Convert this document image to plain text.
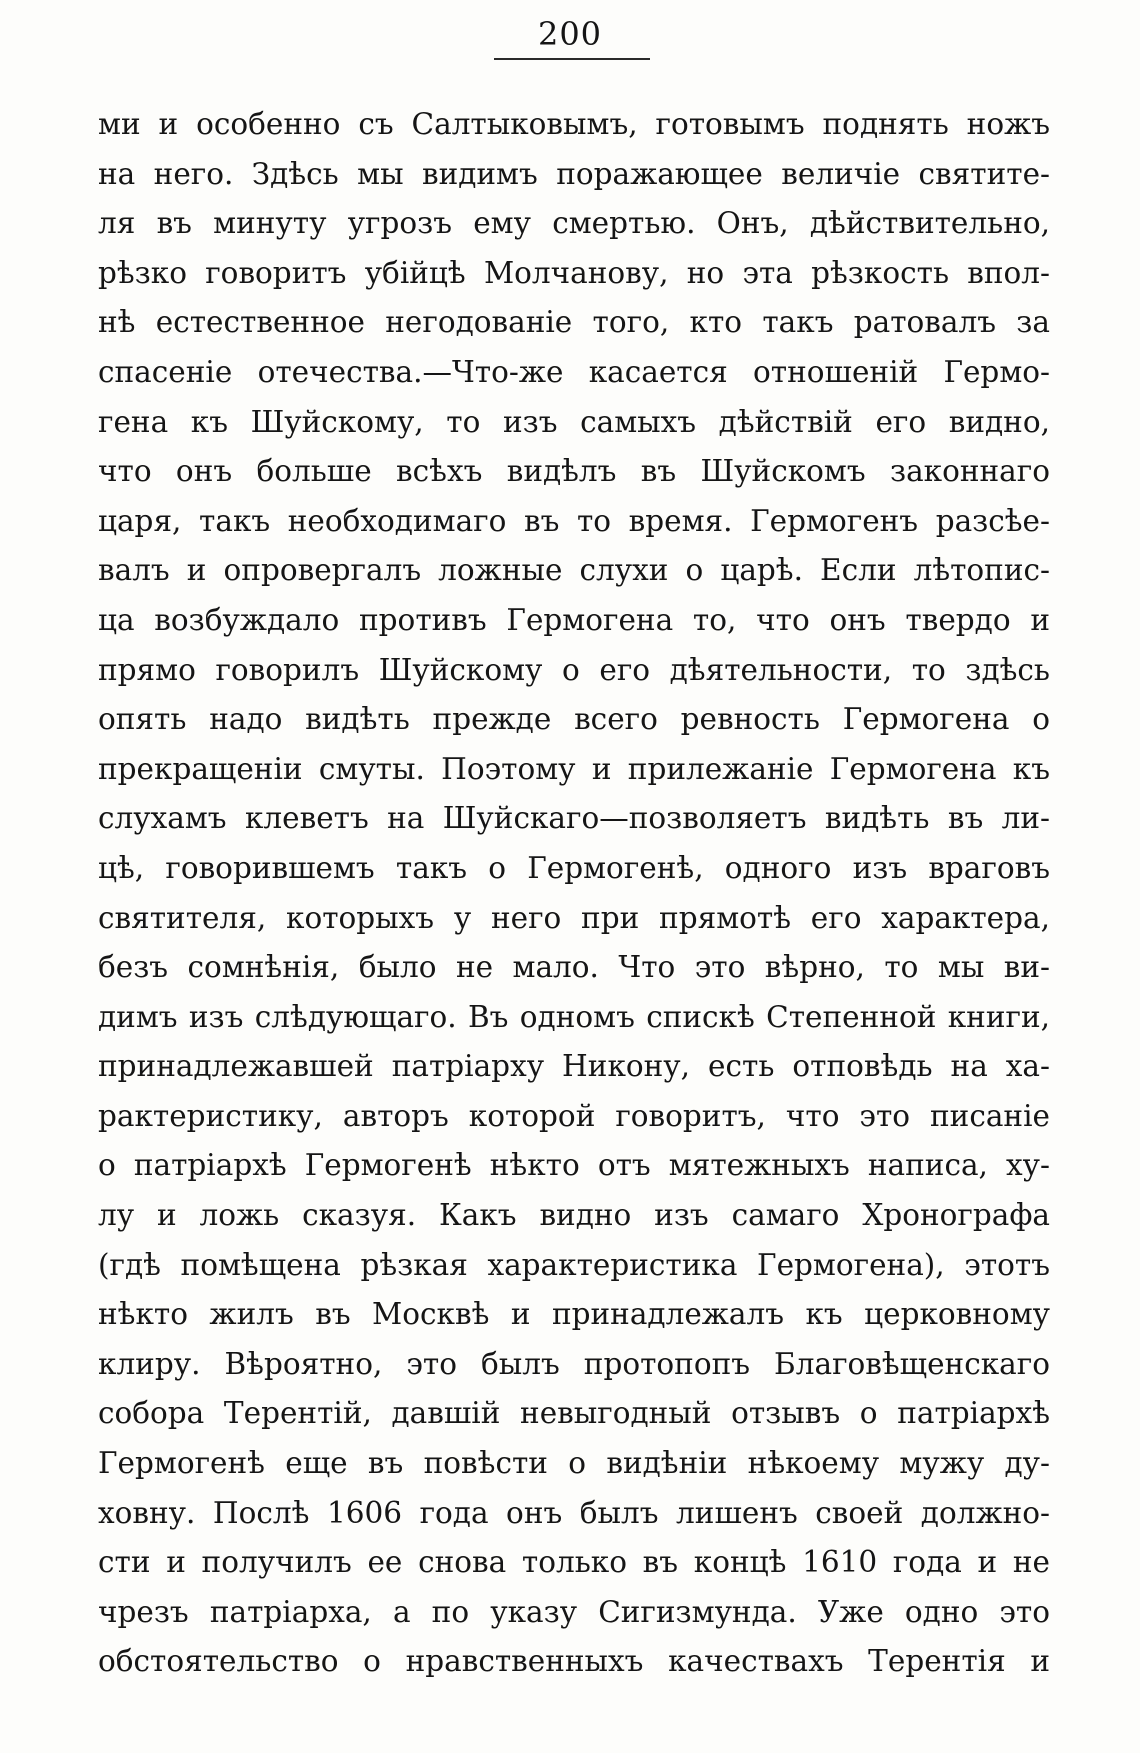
200
ми и особенно съ Салтыковымъ, готовымъ поднять ножъ
на него. Здѣсь мы видимъ поражающее величіе святите-
ля въ минуту угрозъ ему смертью. Онъ, дѣйствительно,
рѣзко говоритъ убійцѣ Молчанову, но эта рѣзкость впол-
нѣ естественное негодованіе того, кто такъ ратовалъ за
спасеніе отечества.—Что-же касается отношеній Гермо-
гена къ Шуйскому, то изъ самыхъ дѣйствій его видно,
что онъ больше всѣхъ видѣлъ въ Шуйскомъ законнаго
царя, такъ необходимаго въ то время. Гермогенъ разсѣе-
валъ и опровергалъ ложные слухи о царѣ. Если лѣтопис-
ца возбуждало противъ Гермогена то, что онъ твердо и
прямо говорилъ Шуйскому о его дѣятельности, то здѣсь
опять надо видѣть прежде всего ревность Гермогена о
прекращеніи смуты. Поэтому и прилежаніе Гермогена къ
слухамъ клеветъ на Шуйскаго—позволяетъ видѣть въ ли-
цѣ, говорившемъ такъ о Гермогенѣ, одного изъ враговъ
святителя, которыхъ у него при прямотѣ его характера,
безъ сомнѣнія, было не мало. Что это вѣрно, то мы ви-
димъ изъ слѣдующаго. Въ одномъ спискѣ Степенной книги,
принадлежавшей патріарху Никону, есть отповѣдь на ха-
рактеристику, авторъ которой говоритъ, что это писаніе
о патріархѣ Гермогенѣ нѣкто отъ мятежныхъ написа, ху-
лу и ложь сказуя. Какъ видно изъ самаго Хронографа
(гдѣ помѣщена рѣзкая характеристика Гермогена), этотъ
нѣкто жилъ въ Москвѣ и принадлежалъ къ церковному
клиру. Вѣроятно, это былъ протопопъ Благовѣщенскаго
собора Терентій, давшій невыгодный отзывъ о патріархѣ
Гермогенѣ еще въ повѣсти о видѣніи нѣкоему мужу ду-
ховну. Послѣ 1606 года онъ былъ лишенъ своей должно-
сти и получилъ ее снова только въ концѣ 1610 года и не
чрезъ патріарха, а по указу Сигизмунда. Уже одно это
обстоятельство о нравственныхъ качествахъ Терентія и
